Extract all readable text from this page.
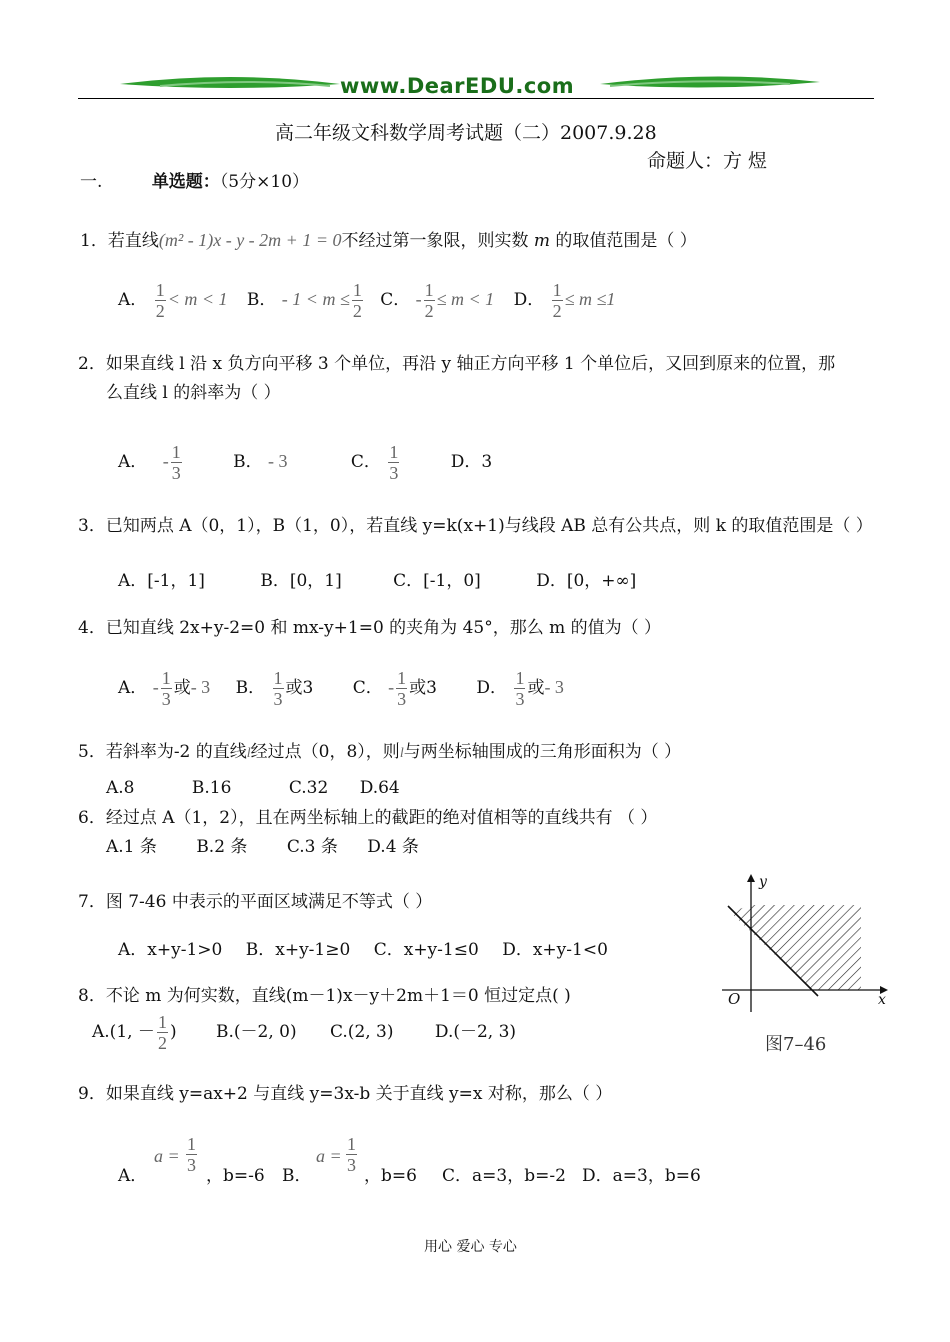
www.DearEDU.com
高二年级文科数学周考试题（二）2007.9.28
命题人：方 煜
一.	单选题：（5分×10）
1．若直线(m² - 1)x - y - 2m + 1 = 0不经过第一象限，则实数 m 的取值范围是（ ）
A． $\frac{1}{2} < m < 1$ B． - $1 < m \le \frac{1}{2}$ C． - $\frac{1}{2} \le m < 1$ D． $\frac{1}{2} \le m \le 1$
2．如果直线 l 沿 x 负方向平移 3 个单位，再沿 y 轴正方向平移 1 个单位后，又回到原来的位置，那
么直线 l 的斜率为（ ）
A． - $\frac{1}{3}$	B． - 3	C． $\frac{1}{3}$	D．3
3．已知两点 A（0，1），B（1，0），若直线 y=k(x+1)与线段 AB 总有公共点，则 k 的取值范围是（ ）
A．[-1，1]	B．[0，1]	C．[-1，0]	D．[0，+∞]
4．已知直线 2x+y-2=0 和 mx-y+1=0 的夹角为 45°，那么 m 的值为（ ）
A． - $\frac{1}{3}$ 或- 3 B． $\frac{1}{3}$ 或3 C． - $\frac{1}{3}$ 或3 D． $\frac{1}{3}$ 或- 3
5．若斜率为-2 的直线l经过点（0，8），则l与两坐标轴围成的三角形面积为（ ）
A.8	B.16	C.32 D.64
6．经过点 A（1，2），且在两坐标轴上的截距的绝对值相等的直线共有 （ ）
A.1 条 B.2 条 C.3 条 D.4 条
7．图 7-46 中表示的平面区域满足不等式（ ）
A．x+y-1>0 B．x+y-1≥0 C．x+y-1≤0 D．x+y-1<0
y
x
O
图7–46
8．不论 m 为何实数，直线(m－1)x－y＋2m＋1＝0 恒过定点( )
A.(1, － $\frac{1}{2}$ ) B.(－2, 0) C.(2, 3) D.(－2, 3)
9．如果直线 y=ax+2 与直线 y=3x-b 关于直线 y=x 对称，那么（ ）
A．
$a = \frac{1}{3}$
，b=-6 B．
$a = \frac{1}{3}$
，b=6 C．a=3，b=-2 D．a=3，b=6
用心 爱心 专心
